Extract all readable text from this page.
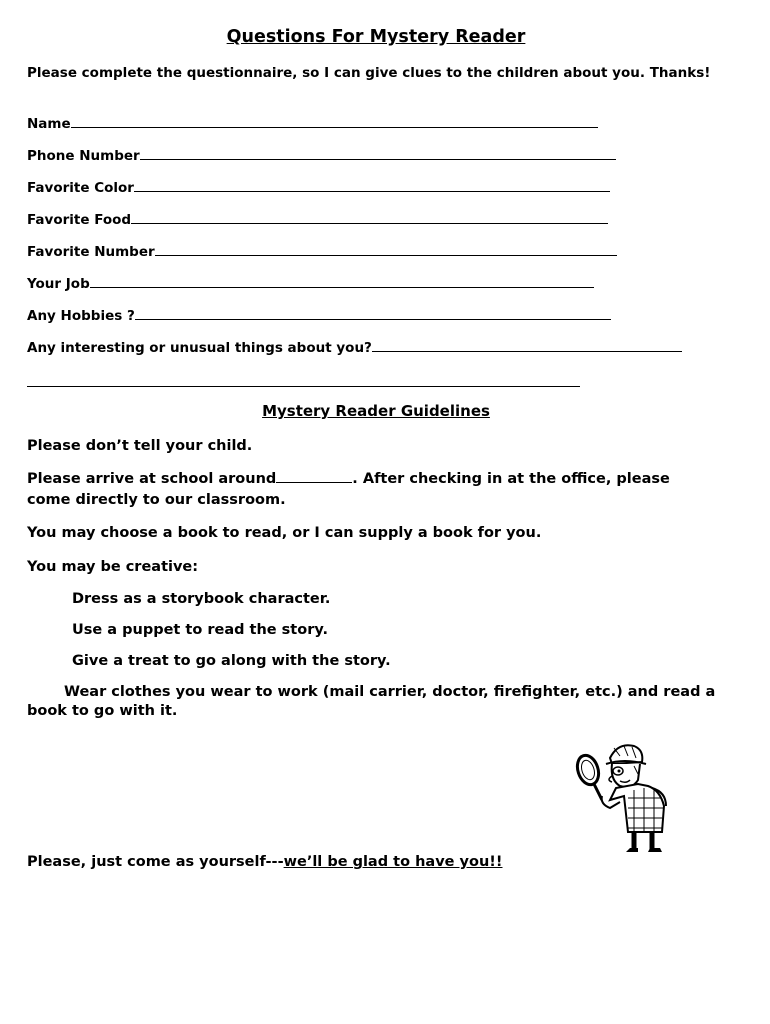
Questions For Mystery Reader
Please complete the questionnaire, so I can give clues to the children about you. Thanks!
Name
Phone Number
Favorite Color
Favorite Food
Favorite Number
Your Job
Any Hobbies ?
Any interesting or unusual things about you?
Mystery Reader Guidelines
Please don’t tell your child.
Please arrive at school around	. After checking in at the office, please come directly to our classroom.
You may choose a book to read, or I can supply a book for you.
You may be creative:
Dress as a storybook character.
Use a puppet to read the story.
Give a treat to go along with the story.
Wear clothes you wear to work (mail carrier, doctor, firefighter, etc.) and read a book to go with it.
Please, just come as yourself---we’ll be glad to have you!!
